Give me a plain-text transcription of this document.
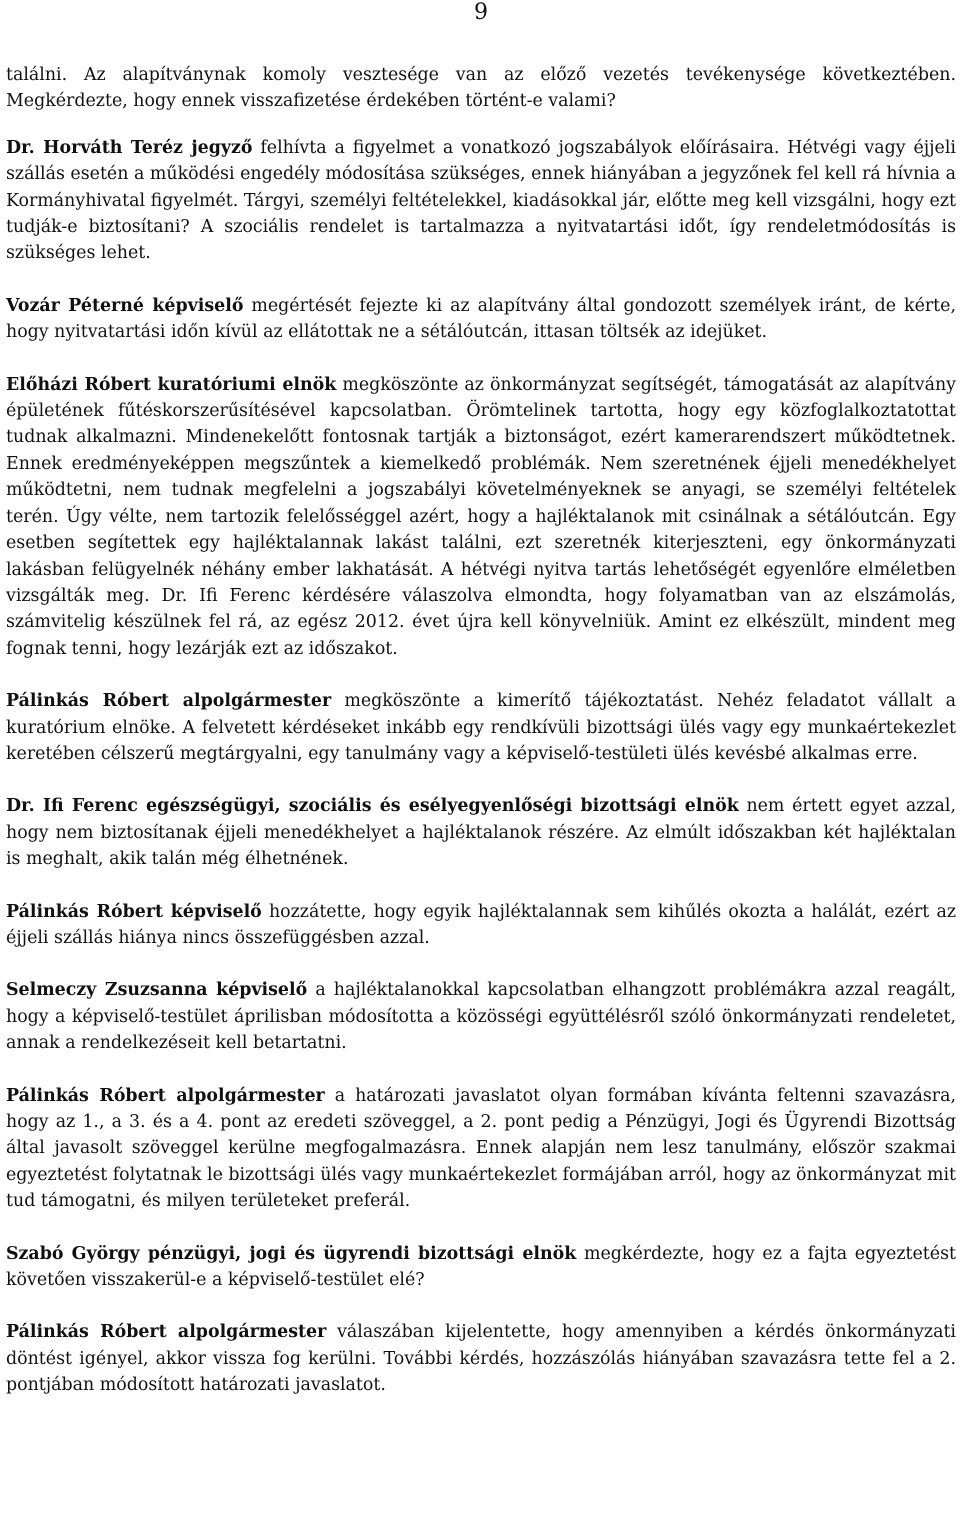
9

találni. Az alapítványnak komoly vesztesége van az előző vezetés tevékenysége következtében. Megkérdezte, hogy ennek visszafizetése érdekében történt-e valami?

Dr. Horváth Teréz jegyző felhívta a figyelmet a vonatkozó jogszabályok előírásaira. Hétvégi vagy éjjeli szállás esetén a működési engedély módosítása szükséges, ennek hiányában a jegyzőnek fel kell rá hívnia a Kormányhivatal figyelmét. Tárgyi, személyi feltételekkel, kiadásokkal jár, előtte meg kell vizsgálni, hogy ezt tudják-e biztosítani? A szociális rendelet is tartalmazza a nyitvatartási időt, így rendeletmódosítás is szükséges lehet.

Vozár Péterné képviselő megértését fejezte ki az alapítvány által gondozott személyek iránt, de kérte, hogy nyitvatartási időn kívül az ellátottak ne a sétálóutcán, ittasan töltsék az idejüket.

Előházi Róbert kuratóriumi elnök megköszönte az önkormányzat segítségét, támogatását az alapítvány épületének fűtéskorszerűsítésével kapcsolatban. Örömtelinek tartotta, hogy egy közfoglalkoztatottat tudnak alkalmazni. Mindenekelőtt fontosnak tartják a biztonságot, ezért kamerarendszert működtetnek. Ennek eredményeképpen megszűntek a kiemelkedő problémák. Nem szeretnének éjjeli menedékhelyet működtetni, nem tudnak megfelelni a jogszabályi követelményeknek se anyagi, se személyi feltételek terén. Úgy vélte, nem tartozik felelősséggel azért, hogy a hajléktalanok mit csinálnak a sétálóutcán. Egy esetben segítettek egy hajléktalannak lakást találni, ezt szeretnék kiterjeszteni, egy önkormányzati lakásban felügyelnék néhány ember lakhatását. A hétvégi nyitva tartás lehetőségét egyenlőre elméletben vizsgálták meg. Dr. Ifi Ferenc kérdésére válaszolva elmondta, hogy folyamatban van az elszámolás, számvitelig készülnek fel rá, az egész 2012. évet újra kell könyvelniük. Amint ez elkészült, mindent meg fognak tenni, hogy lezárják ezt az időszakot.

Pálinkás Róbert alpolgármester megköszönte a kimerítő tájékoztatást. Nehéz feladatot vállalt a kuratórium elnöke. A felvetett kérdéseket inkább egy rendkívüli bizottsági ülés vagy egy munkaértekezlet keretében célszerű megtárgyalni, egy tanulmány vagy a képviselő-testületi ülés kevésbé alkalmas erre.

Dr. Ifi Ferenc egészségügyi, szociális és esélyegyenlőségi bizottsági elnök nem értett egyet azzal, hogy nem biztosítanak éjjeli menedékhelyet a hajléktalanok részére. Az elmúlt időszakban két hajléktalan is meghalt, akik talán még élhetnének.

Pálinkás Róbert képviselő hozzátette, hogy egyik hajléktalannak sem kihűlés okozta a halálát, ezért az éjjeli szállás hiánya nincs összefüggésben azzal.

Selmeczy Zsuzsanna képviselő a hajléktalanokkal kapcsolatban elhangzott problémákra azzal reagált, hogy a képviselő-testület áprilisban módosította a közösségi együttélésről szóló önkormányzati rendeletet, annak a rendelkezéseit kell betartatni.

Pálinkás Róbert alpolgármester a határozati javaslatot olyan formában kívánta feltenni szavazásra, hogy az 1., a 3. és a 4. pont az eredeti szöveggel, a 2. pont pedig a Pénzügyi, Jogi és Ügyrendi Bizottság által javasolt szöveggel kerülne megfogalmazásra. Ennek alapján nem lesz tanulmány, először szakmai egyeztetést folytatnak le bizottsági ülés vagy munkaértekezlet formájában arról, hogy az önkormányzat mit tud támogatni, és milyen területeket preferál.

Szabó György pénzügyi, jogi és ügyrendi bizottsági elnök megkérdezte, hogy ez a fajta egyeztetést követően visszakerül-e a képviselő-testület elé?

Pálinkás Róbert alpolgármester válaszában kijelentette, hogy amennyiben a kérdés önkormányzati döntést igényel, akkor vissza fog kerülni. További kérdés, hozzászólás hiányában szavazásra tette fel a 2. pontjában módosított határozati javaslatot.
